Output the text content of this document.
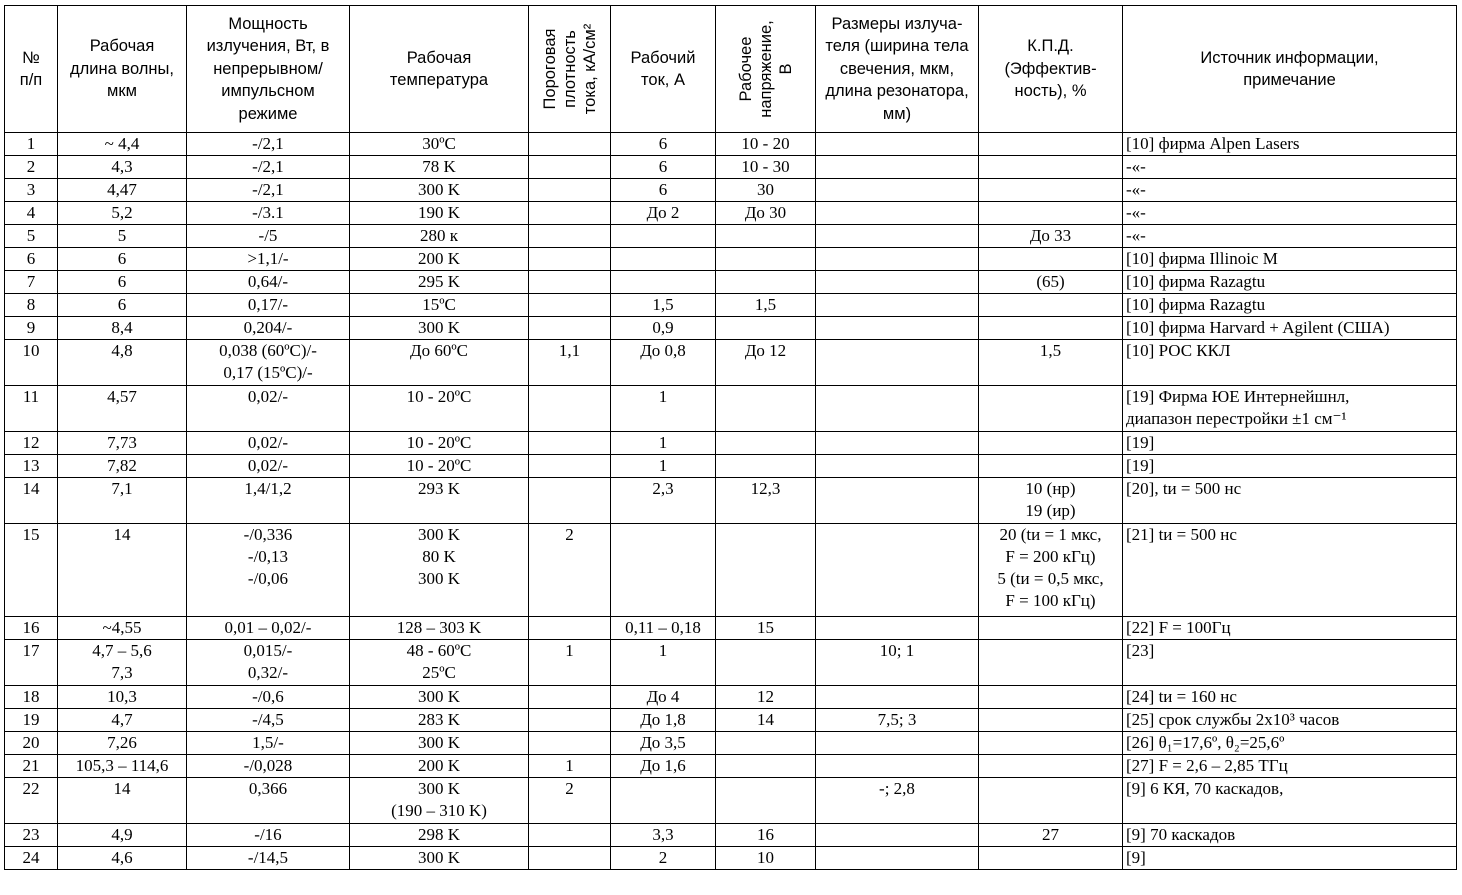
№
п/п	Рабочая
длина волны,
мкм	Мощность
излучения, Вт, в
непрерывном/
импульсном
режиме	Рабочая
температура	Пороговая плотность тока, кА/см²	Рабочий
ток, А	Рабочее напряжение, В	Размеры излуча-
теля (ширина тела
свечения, мкм,
длина резонатора,
мм)	К.П.Д.
(Эффектив-
ность), %	Источник информации,
примечание

1	~ 4,4	-/2,1	30ºC		6	10 - 20			[10] фирма Alpen Lasers

2	4,3	-/2,1	78 K		6	10 - 30			-«-

3	4,47	-/2,1	300 K		6	30			-«-

4	5,2	-/3.1	190 K		До 2	До 30			-«-

5	5	-/5	280 к					До 33	-«-

6	6	>1,1/-	200 K						[10] фирма Illinoic M

7	6	0,64/-	295 K					(65)	[10] фирма Razagtu

8	6	0,17/-	15ºC		1,5	1,5			[10] фирма Razagtu

9	8,4	0,204/-	300 K		0,9				[10] фирма Harvard + Agilent (США)

10	4,8	0,038 (60ºC)/-
0,17 (15ºC)/-	До 60ºC	1,1	До 0,8	До 12		1,5	[10] РОС ККЛ

11	4,57	0,02/-	10 - 20ºC		1				[19] Фирма ЮЕ Интернейшнл,
диапазон перестройки ±1 см⁻¹

12	7,73	0,02/-	10 - 20ºC		1				[19]

13	7,82	0,02/-	10 - 20ºC		1				[19]

14	7,1	1,4/1,2	293 K		2,3	12,3		10 (нр)
19 (ир)	[20], tи = 500 нс

15	14	-/0,336
-/0,13
-/0,06	300 K
80 K
300 K	2				20 (tи = 1 мкс,
F = 200 кГц)
5 (tи = 0,5 мкс,
F = 100 кГц)	[21] tи = 500 нс

16	~4,55	0,01 – 0,02/-	128 – 303 K		0,11 – 0,18	15			[22] F = 100Гц

17	4,7 – 5,6
7,3	0,015/-
0,32/-	48 - 60ºC
25ºC	1	1		10; 1		[23]

18	10,3	-/0,6	300 K		До 4	12			[24] tи = 160 нс

19	4,7	-/4,5	283 K		До 1,8	14	7,5; 3		[25] срок службы 2x10³ часов

20	7,26	1,5/-	300 K		До 3,5				[26] θ₁=17,6º, θ₂=25,6º

21	105,3 – 114,6	-/0,028	200 K	1	До 1,6				[27] F = 2,6 – 2,85 ТГц

22	14	0,366	300 K
(190 – 310 K)	2			-; 2,8		[9] 6 КЯ, 70 каскадов,

23	4,9	-/16	298 K		3,3	16		27	[9] 70 каскадов

24	4,6	-/14,5	300 K		2	10			[9]
